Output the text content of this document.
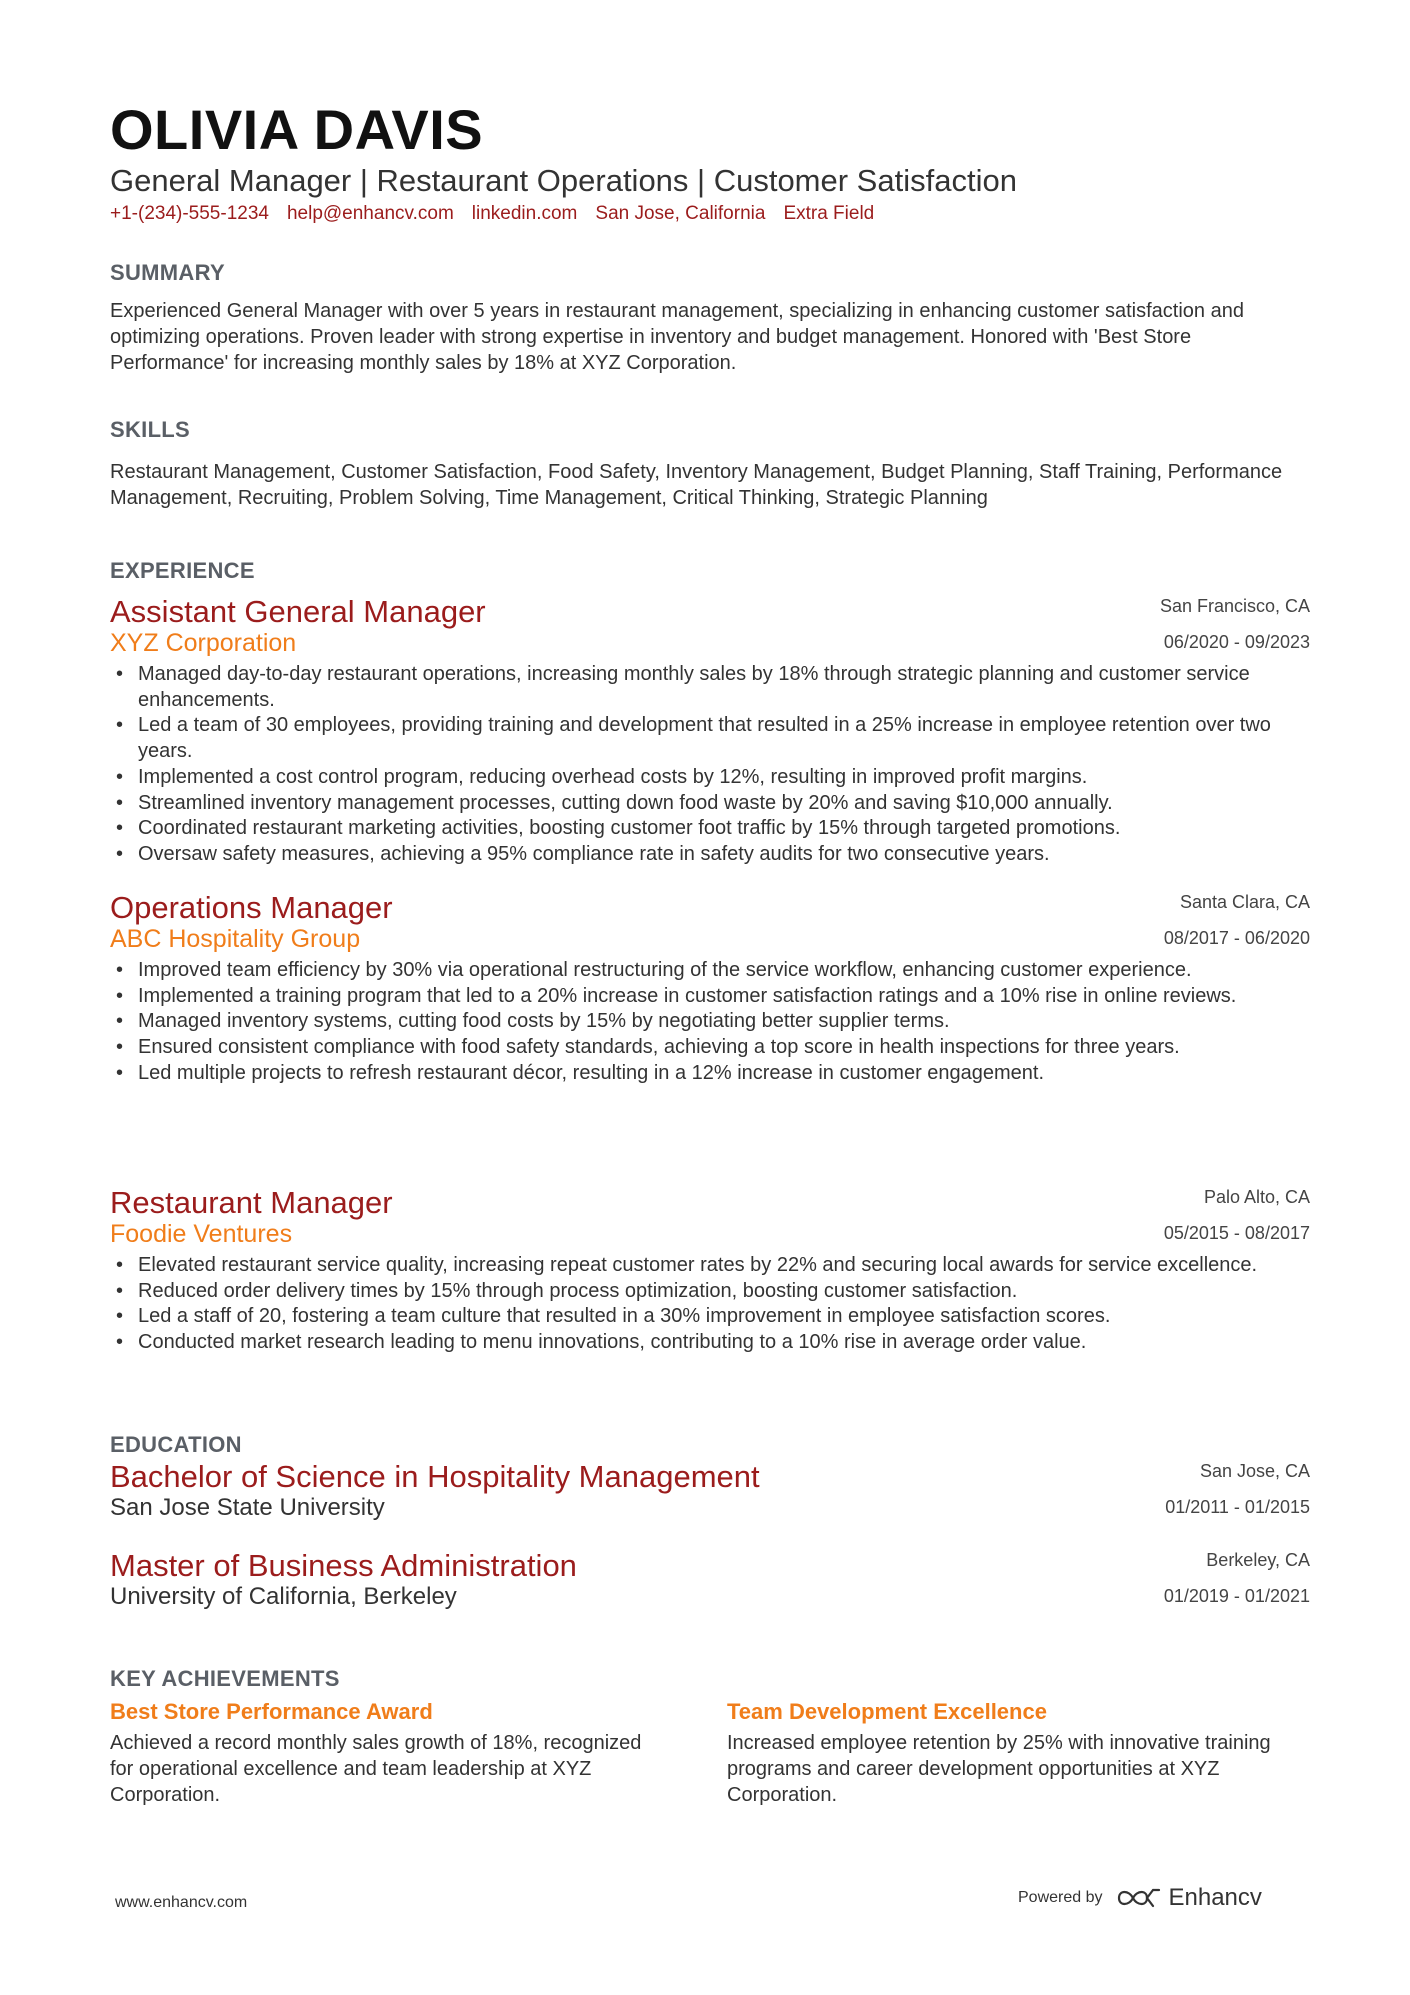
OLIVIA DAVIS
General Manager | Restaurant Operations | Customer Satisfaction
+1-(234)-555-1234 help@enhancv.com linkedin.com San Jose, California Extra Field
SUMMARY
Experienced General Manager with over 5 years in restaurant management, specializing in enhancing customer satisfaction and optimizing operations. Proven leader with strong expertise in inventory and budget management. Honored with 'Best Store Performance' for increasing monthly sales by 18% at XYZ Corporation.
SKILLS
Restaurant Management, Customer Satisfaction, Food Safety, Inventory Management, Budget Planning, Staff Training, Performance Management, Recruiting, Problem Solving, Time Management, Critical Thinking, Strategic Planning
EXPERIENCE
Assistant General Manager
XYZ Corporation
San Francisco, CA
06/2020 - 09/2023
• Managed day-to-day restaurant operations, increasing monthly sales by 18% through strategic planning and customer service enhancements.
• Led a team of 30 employees, providing training and development that resulted in a 25% increase in employee retention over two years.
• Implemented a cost control program, reducing overhead costs by 12%, resulting in improved profit margins.
• Streamlined inventory management processes, cutting down food waste by 20% and saving $10,000 annually.
• Coordinated restaurant marketing activities, boosting customer foot traffic by 15% through targeted promotions.
• Oversaw safety measures, achieving a 95% compliance rate in safety audits for two consecutive years.
Operations Manager
ABC Hospitality Group
Santa Clara, CA
08/2017 - 06/2020
• Improved team efficiency by 30% via operational restructuring of the service workflow, enhancing customer experience.
• Implemented a training program that led to a 20% increase in customer satisfaction ratings and a 10% rise in online reviews.
• Managed inventory systems, cutting food costs by 15% by negotiating better supplier terms.
• Ensured consistent compliance with food safety standards, achieving a top score in health inspections for three years.
• Led multiple projects to refresh restaurant décor, resulting in a 12% increase in customer engagement.
Restaurant Manager
Foodie Ventures
Palo Alto, CA
05/2015 - 08/2017
• Elevated restaurant service quality, increasing repeat customer rates by 22% and securing local awards for service excellence.
• Reduced order delivery times by 15% through process optimization, boosting customer satisfaction.
• Led a staff of 20, fostering a team culture that resulted in a 30% improvement in employee satisfaction scores.
• Conducted market research leading to menu innovations, contributing to a 10% rise in average order value.
EDUCATION
Bachelor of Science in Hospitality Management
San Jose State University
San Jose, CA
01/2011 - 01/2015
Master of Business Administration
University of California, Berkeley
Berkeley, CA
01/2019 - 01/2021
KEY ACHIEVEMENTS
Best Store Performance Award
Achieved a record monthly sales growth of 18%, recognized for operational excellence and team leadership at XYZ Corporation.
Team Development Excellence
Increased employee retention by 25% with innovative training programs and career development opportunities at XYZ Corporation.
www.enhancv.com	Powered by	Enhancv
